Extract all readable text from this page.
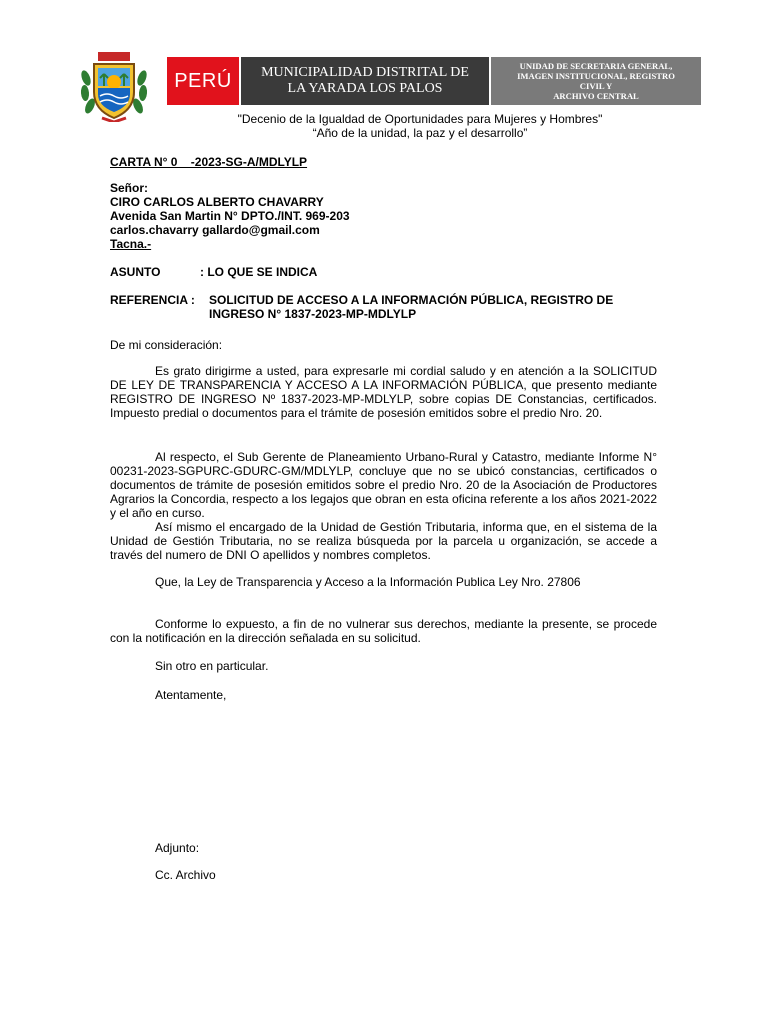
PERÚ	MUNICIPALIDAD DISTRITAL DE
LA YARADA LOS PALOS
UNIDAD DE SECRETARIA GENERAL,
IMAGEN INSTITUCIONAL, REGISTRO
CIVIL Y
ARCHIVO CENTRAL
"Decenio de la Igualdad de Oportunidades para Mujeres y Hombres"
“Año de la unidad, la paz y el desarrollo”
CARTA N° 0    -2023-SG-A/MDLYLP
Señor:
CIRO CARLOS ALBERTO CHAVARRY
Avenida San Martin N° DPTO./INT. 969-203
carlos.chavarry gallardo@gmail.com
Tacna.-
ASUNTO	: LO QUE SE INDICA
REFERENCIA : SOLICITUD DE ACCESO A LA INFORMACIÓN PÚBLICA, REGISTRO DE
INGRESO N° 1837-2023-MP-MDLYLP
De mi consideración:
Es grato dirigirme a usted, para expresarle mi cordial saludo y en atención a la SOLICITUD DE LEY DE TRANSPARENCIA Y ACCESO A LA INFORMACIÓN PÚBLICA, que presento mediante REGISTRO DE INGRESO Nº 1837-2023-MP-MDLYLP, sobre copias DE Constancias, certificados. Impuesto predial o documentos para el trámite de posesión emitidos sobre el predio Nro. 20.
Al respecto, el Sub Gerente de Planeamiento Urbano-Rural y Catastro, mediante Informe N° 00231-2023-SGPURC-GDURC-GM/MDLYLP, concluye que no se ubicó constancias, certificados o documentos de trámite de posesión emitidos sobre el predio Nro. 20 de la Asociación de Productores Agrarios la Concordia, respecto a los legajos que obran en esta oficina referente a los años 2021-2022 y el año en curso.
Así mismo el encargado de la Unidad de Gestión Tributaria, informa que, en el sistema de la Unidad de Gestión Tributaria, no se realiza búsqueda por la parcela u organización, se accede a través del numero de DNI O apellidos y nombres completos.
Que, la Ley de Transparencia y Acceso a la Información Publica Ley Nro. 27806
Conforme lo expuesto, a fin de no vulnerar sus derechos, mediante la presente, se procede con la notificación en la dirección señalada en su solicitud.
Sin otro en particular.
Atentamente,
Adjunto:
Cc. Archivo
